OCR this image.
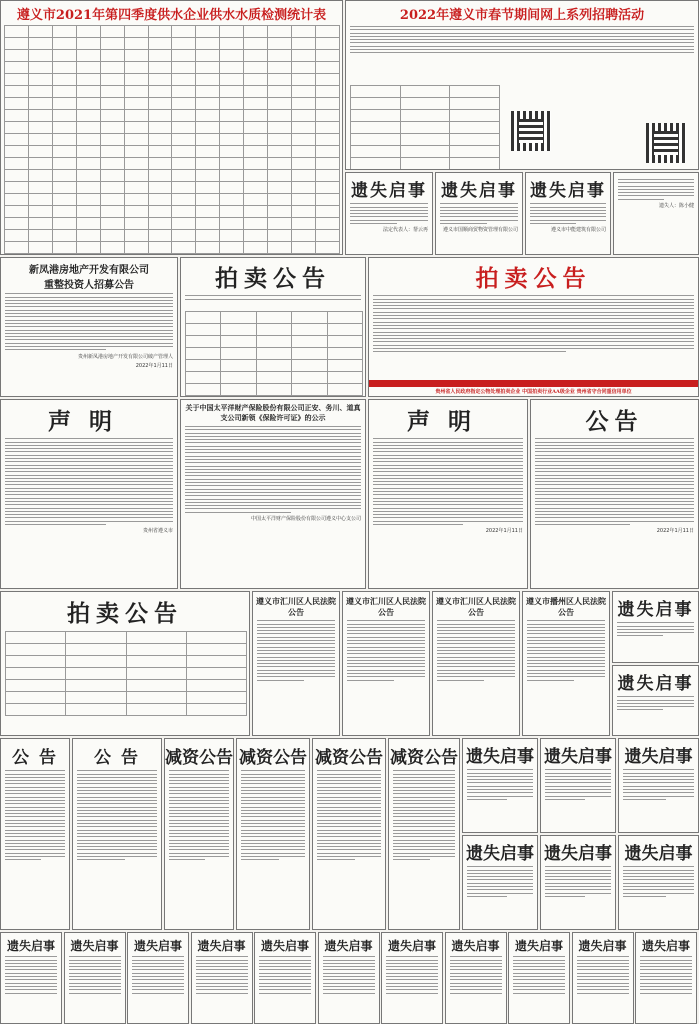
遵义市2021年第四季度供水企业供水水质检测统计表

														2022年遵义市春节期间网上系列招聘活动

遗失启事
法定代表人：帮云再
遗失启事
遵义市国顺商贸物资管理有限公司
遗失启事
遵义市中能建筑有限公司
遗失人：陈小健
新凤港房地产开发有限公司
重整投资人招募公告
贵州新凤港房地产开发有限公司破产管理人
2022年1月11日
拍卖公告

					拍卖公告
贵州省人民政府指定公物处理拍卖企业 中国拍卖行业AA级企业 贵州省守合同重信用单位
声明
贵州省遵义市
关于中国太平洋财产保险股份有限公司正安、务川、道真支公司新领《保险许可证》的公示
中国太平洋财产保险股份有限公司遵义中心支公司
声明
2022年1月11日
公告
2022年1月11日
拍卖公告

				遵义市汇川区人民法院
公告
遵义市汇川区人民法院
公告
遵义市汇川区人民法院
公告
遵义市播州区人民法院
公告	遗失启事
遗失启事
公 告	公 告	减资公告 减资公告 减资公告 减资公告 遗失启事 遗失启事 遗失启事
遗失启事 遗失启事 遗失启事
遗失启事	遗失启事	遗失启事	遗失启事	遗失启事	遗失启事	遗失启事	遗失启事	遗失启事	遗失启事	遗失启事
